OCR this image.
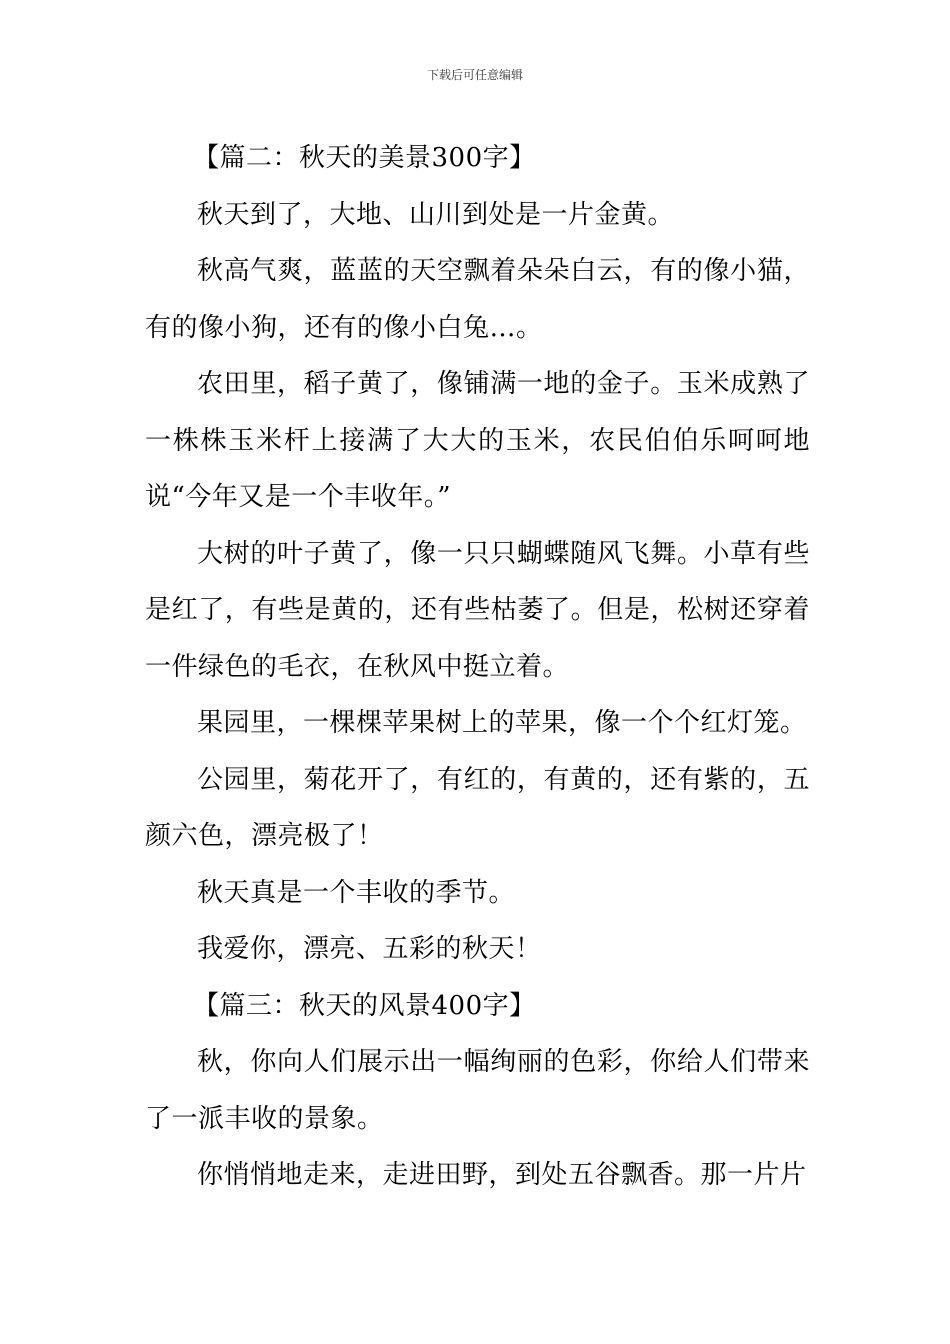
下载后可任意编辑

【篇二：秋天的美景300字】

秋天到了，大地、山川到处是一片金黄。

秋高气爽，蓝蓝的天空飘着朵朵白云，有的像小猫，有的像小狗，还有的像小白兔…。

农田里，稻子黄了，像铺满一地的金子。玉米成熟了一株株玉米杆上接满了大大的玉米，农民伯伯乐呵呵地说“今年又是一个丰收年。”

大树的叶子黄了，像一只只蝴蝶随风飞舞。小草有些是红了，有些是黄的，还有些枯萎了。但是，松树还穿着一件绿色的毛衣，在秋风中挺立着。

果园里，一棵棵苹果树上的苹果，像一个个红灯笼。

公园里，菊花开了，有红的，有黄的，还有紫的，五颜六色，漂亮极了！

秋天真是一个丰收的季节。

我爱你，漂亮、五彩的秋天！

【篇三：秋天的风景400字】

秋，你向人们展示出一幅绚丽的色彩，你给人们带来了一派丰收的景象。

你悄悄地走来，走进田野，到处五谷飘香。那一片片
